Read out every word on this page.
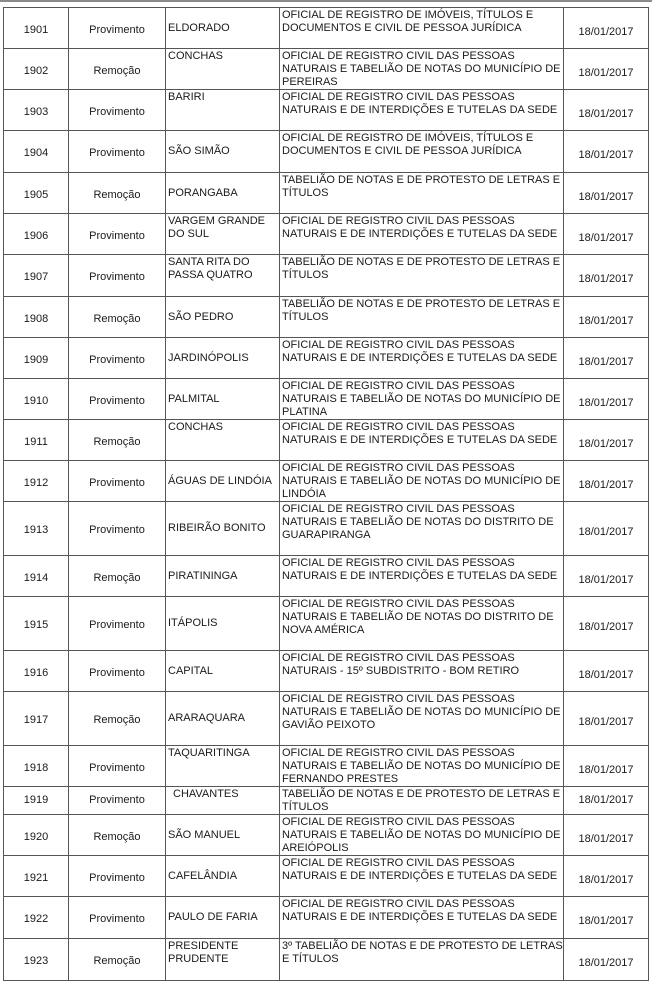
1901	Provimento	ELDORADO	OFICIAL DE REGISTRO DE IMÓVEIS, TÍTULOS E DOCUMENTOS E CIVIL DE PESSOA JURÍDICA	18/01/2017
1902	Remoção	CONCHAS	OFICIAL DE REGISTRO CIVIL DAS PESSOAS NATURAIS E TABELIÃO DE NOTAS DO MUNICÍPIO DE PEREIRAS	18/01/2017
1903	Provimento	BARIRI	OFICIAL DE REGISTRO CIVIL DAS PESSOAS NATURAIS E DE INTERDIÇÕES E TUTELAS DA SEDE	18/01/2017
1904	Provimento	SÃO SIMÃO	OFICIAL DE REGISTRO DE IMÓVEIS, TÍTULOS E DOCUMENTOS E CIVIL DE PESSOA JURÍDICA	18/01/2017
1905	Remoção	PORANGABA	TABELIÃO DE NOTAS E DE PROTESTO DE LETRAS E TÍTULOS	18/01/2017
1906	Provimento	VARGEM GRANDE DO SUL	OFICIAL DE REGISTRO CIVIL DAS PESSOAS NATURAIS E DE INTERDIÇÕES E TUTELAS DA SEDE	18/01/2017
1907	Provimento	SANTA RITA DO PASSA QUATRO	TABELIÃO DE NOTAS E DE PROTESTO DE LETRAS E TÍTULOS	18/01/2017
1908	Remoção	SÃO PEDRO	TABELIÃO DE NOTAS E DE PROTESTO DE LETRAS E TÍTULOS	18/01/2017
1909	Provimento	JARDINÓPOLIS	OFICIAL DE REGISTRO CIVIL DAS PESSOAS NATURAIS E DE INTERDIÇÕES E TUTELAS DA SEDE	18/01/2017
1910	Provimento	PALMITAL	OFICIAL DE REGISTRO CIVIL DAS PESSOAS NATURAIS E TABELIÃO DE NOTAS DO MUNICÍPIO DE PLATINA	18/01/2017
1911	Remoção	CONCHAS	OFICIAL DE REGISTRO CIVIL DAS PESSOAS NATURAIS E DE INTERDIÇÕES E TUTELAS DA SEDE	18/01/2017
1912	Provimento	ÁGUAS DE LINDÓIA	OFICIAL DE REGISTRO CIVIL DAS PESSOAS NATURAIS E TABELIÃO DE NOTAS DO MUNICÍPIO DE LINDÓIA	18/01/2017
1913	Provimento	RIBEIRÃO BONITO	OFICIAL DE REGISTRO CIVIL DAS PESSOAS NATURAIS E TABELIÃO DE NOTAS DO DISTRITO DE GUARAPIRANGA	18/01/2017
1914	Remoção	PIRATININGA	OFICIAL DE REGISTRO CIVIL DAS PESSOAS NATURAIS E DE INTERDIÇÕES E TUTELAS DA SEDE	18/01/2017
1915	Provimento	ITÁPOLIS	OFICIAL DE REGISTRO CIVIL DAS PESSOAS NATURAIS E TABELIÃO DE NOTAS DO DISTRITO DE NOVA AMÉRICA	18/01/2017
1916	Provimento	CAPITAL	OFICIAL DE REGISTRO CIVIL DAS PESSOAS NATURAIS - 15º SUBDISTRITO - BOM RETIRO	18/01/2017
1917	Remoção	ARARAQUARA	OFICIAL DE REGISTRO CIVIL DAS PESSOAS NATURAIS E TABELIÃO DE NOTAS DO MUNICÍPIO DE GAVIÃO PEIXOTO	18/01/2017
1918	Provimento	TAQUARITINGA	OFICIAL DE REGISTRO CIVIL DAS PESSOAS NATURAIS E TABELIÃO DE NOTAS DO MUNICÍPIO DE FERNANDO PRESTES	18/01/2017
1919	Provimento	CHAVANTES	TABELIÃO DE NOTAS E DE PROTESTO DE LETRAS E TÍTULOS	18/01/2017
1920	Remoção	SÃO MANUEL	OFICIAL DE REGISTRO CIVIL DAS PESSOAS NATURAIS E TABELIÃO DE NOTAS DO MUNICÍPIO DE AREIÓPOLIS	18/01/2017
1921	Provimento	CAFELÂNDIA	OFICIAL DE REGISTRO CIVIL DAS PESSOAS NATURAIS E DE INTERDIÇÕES E TUTELAS DA SEDE	18/01/2017
1922	Provimento	PAULO DE FARIA	OFICIAL DE REGISTRO CIVIL DAS PESSOAS NATURAIS E DE INTERDIÇÕES E TUTELAS DA SEDE	18/01/2017
1923	Remoção	PRESIDENTE PRUDENTE	3º TABELIÃO DE NOTAS E DE PROTESTO DE LETRAS E TÍTULOS	18/01/2017
